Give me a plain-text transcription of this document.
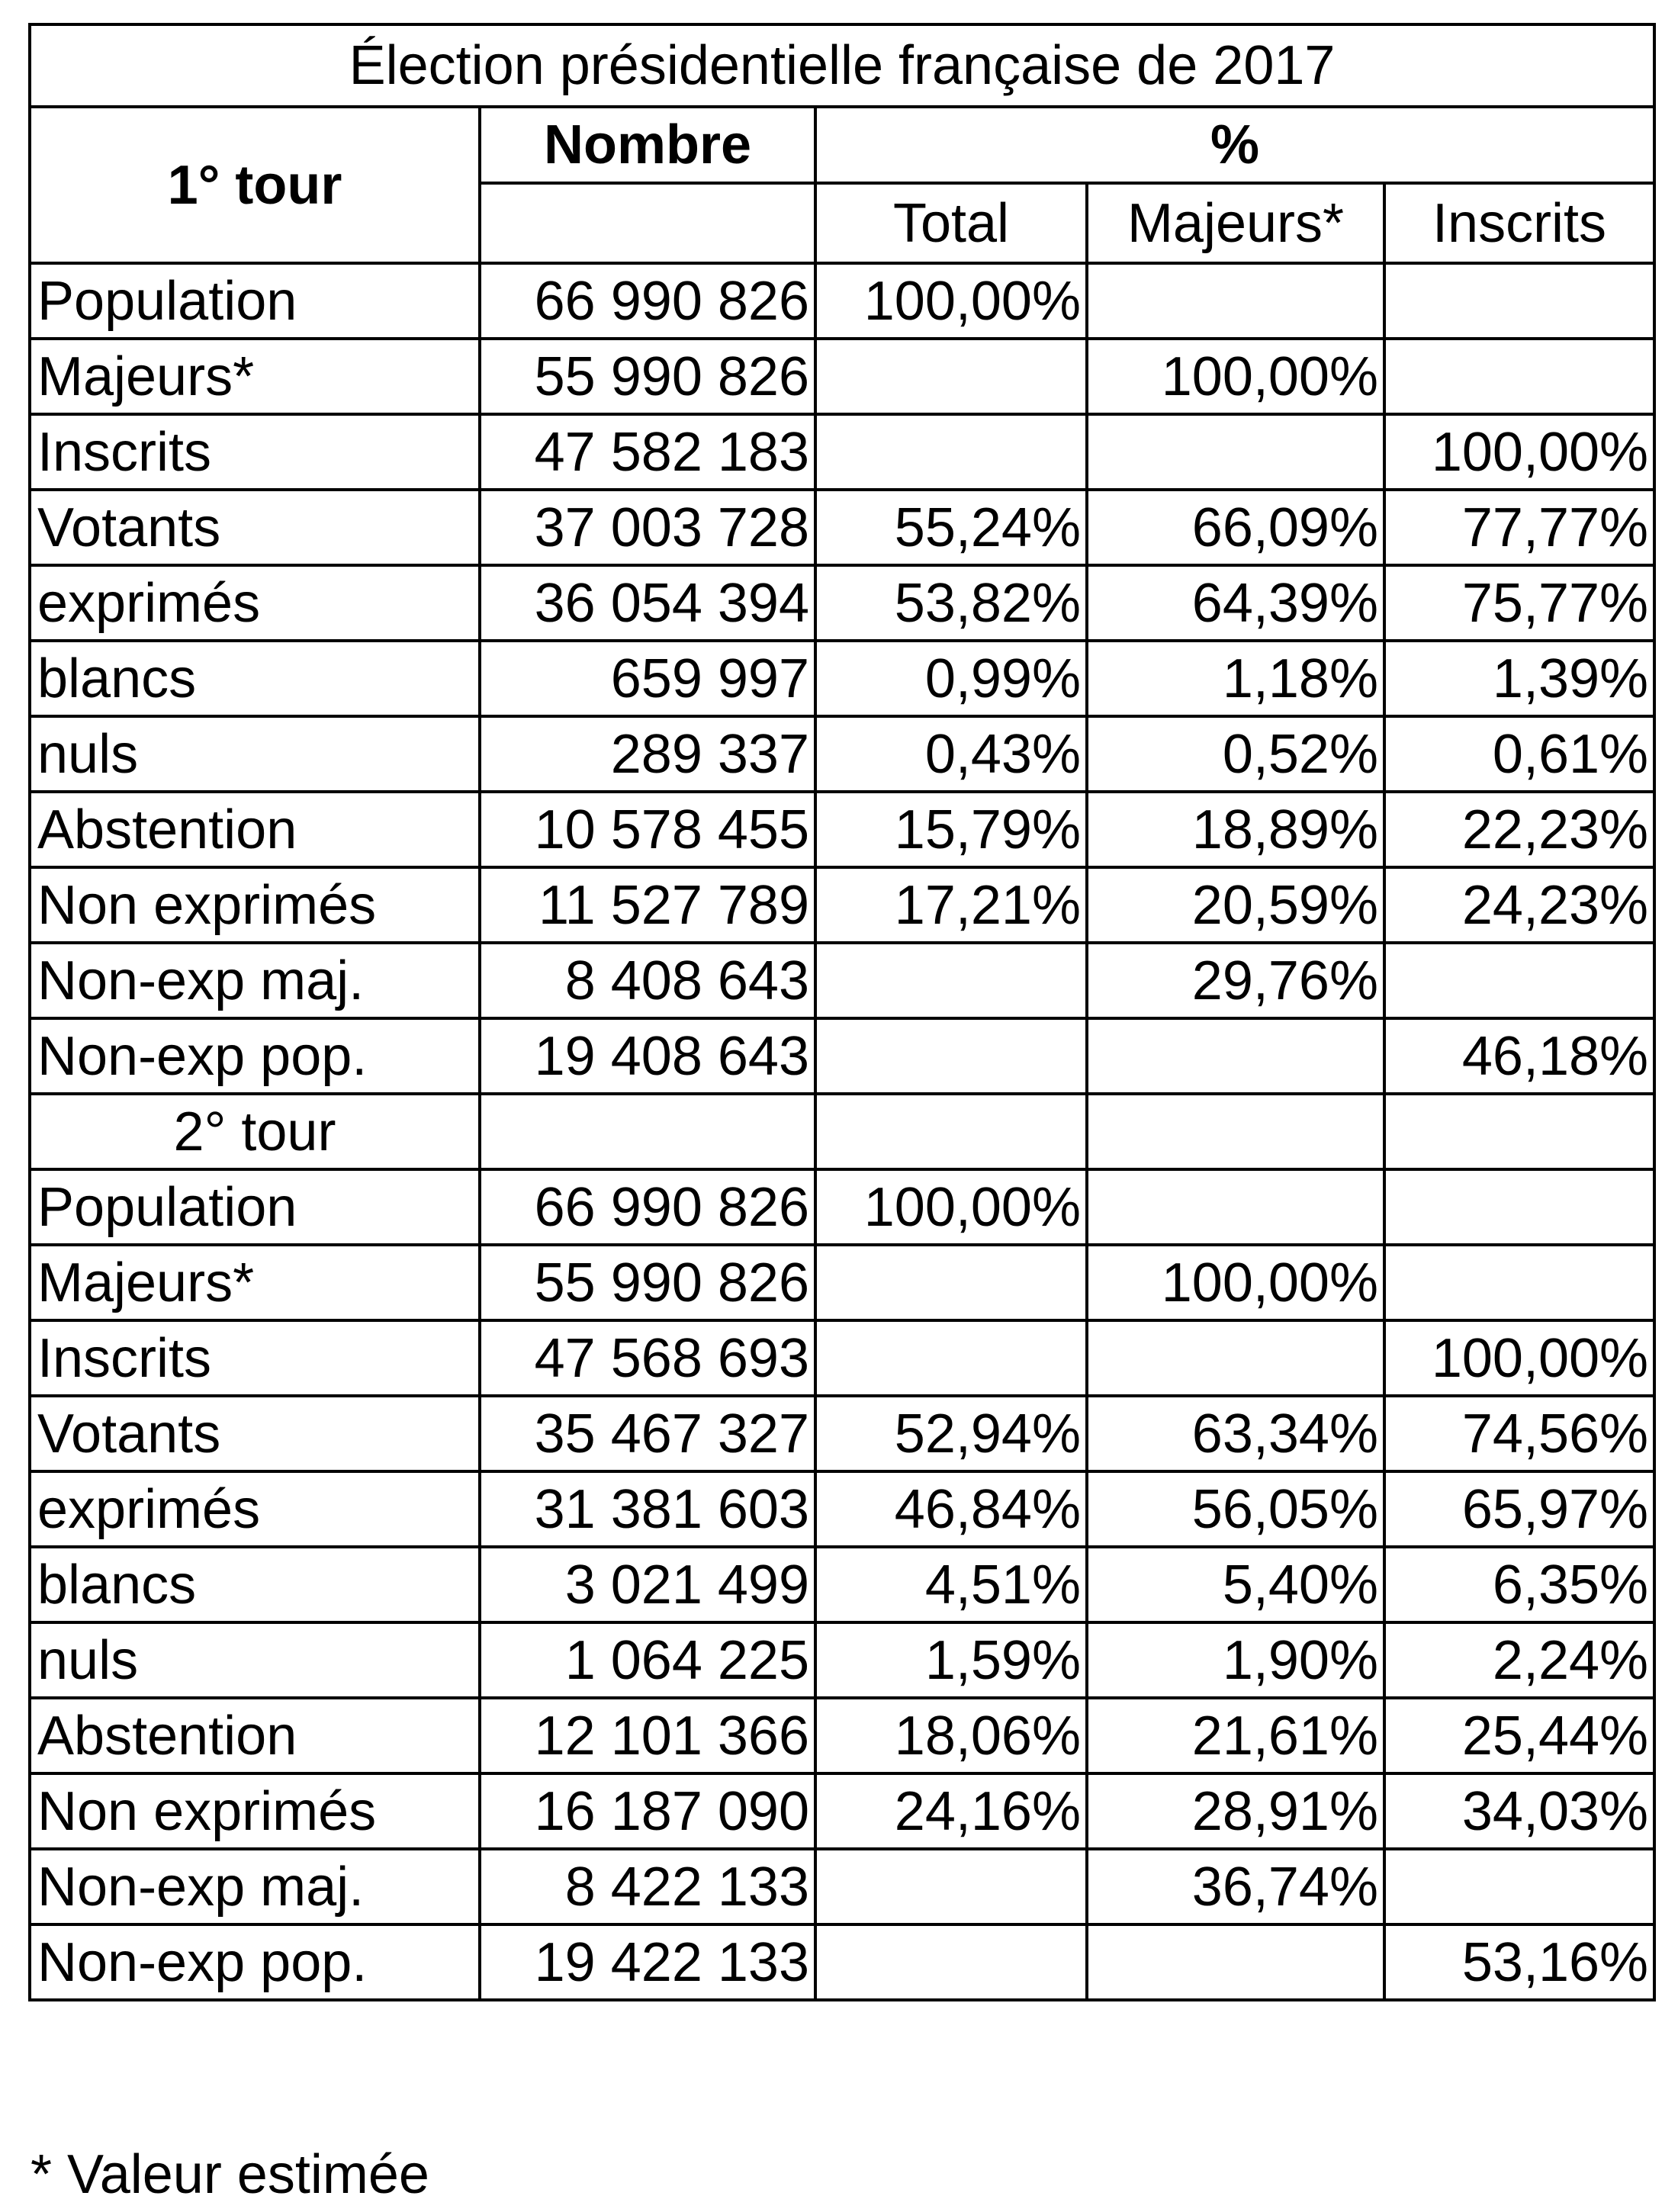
Élection présidentielle française de 2017				
1° tour	Nombre	%		
		Total	Majeurs*	Inscrits
Population	66 990 826	100,00%		
Majeurs*	55 990 826		100,00%	
Inscrits	47 582 183			100,00%
Votants	37 003 728	55,24%	66,09%	77,77%
exprimés	36 054 394	53,82%	64,39%	75,77%
blancs	659 997	0,99%	1,18%	1,39%
nuls	289 337	0,43%	0,52%	0,61%
Abstention	10 578 455	15,79%	18,89%	22,23%
Non exprimés	11 527 789	17,21%	20,59%	24,23%
Non-exp maj.	8 408 643		29,76%	
Non-exp pop.	19 408 643			46,18%
2° tour				
Population	66 990 826	100,00%		
Majeurs*	55 990 826		100,00%	
Inscrits	47 568 693			100,00%
Votants	35 467 327	52,94%	63,34%	74,56%
exprimés	31 381 603	46,84%	56,05%	65,97%
blancs	3 021 499	4,51%	5,40%	6,35%
nuls	1 064 225	1,59%	1,90%	2,24%
Abstention	12 101 366	18,06%	21,61%	25,44%
Non exprimés	16 187 090	24,16%	28,91%	34,03%
Non-exp maj.	8 422 133		36,74%	
Non-exp pop.	19 422 133			53,16%
* Valeur estimée
